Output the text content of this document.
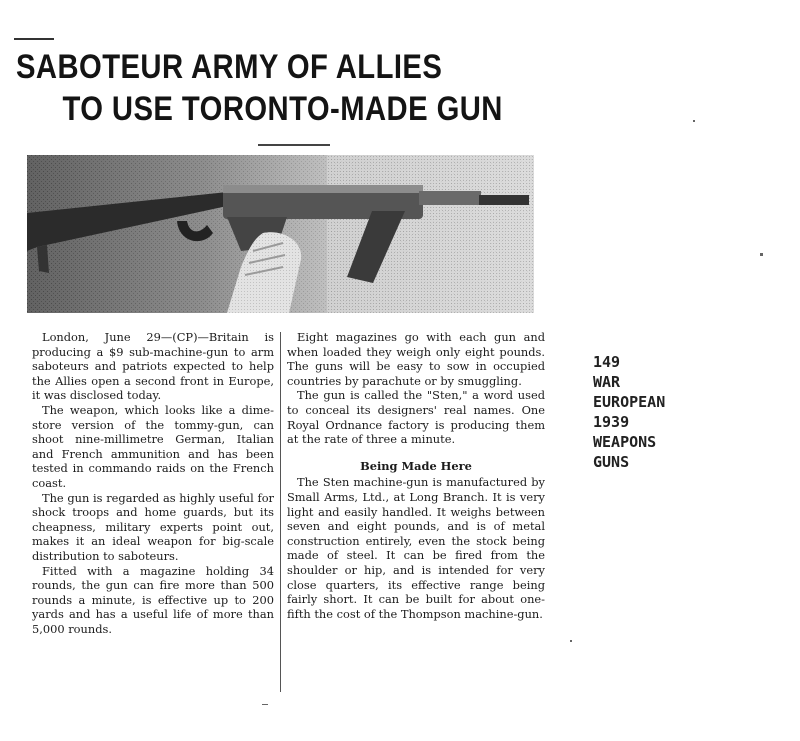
SABOTEUR ARMY OF ALLIES
TO USE TORONTO-MADE GUN

London, June 29—(CP)—Britain is producing a $9 sub-machine-gun to arm saboteurs and patriots expected to help the Allies open a second front in Europe, it was disclosed today.

The weapon, which looks like a dime-store version of the tommy-gun, can shoot nine-millimetre German, Italian and French ammunition and has been tested in commando raids on the French coast.

The gun is regarded as highly useful for shock troops and home guards, but its cheapness, military experts point out, makes it an ideal weapon for big-scale distribution to saboteurs.

Fitted with a magazine holding 34 rounds, the gun can fire more than 500 rounds a minute, is effective up to 200 yards and has a useful life of more than 5,000 rounds.

Eight magazines go with each gun and when loaded they weigh only eight pounds. The guns will be easy to sow in occupied countries by parachute or by smuggling.

The gun is called the "Sten," a word used to conceal its designers' real names. One Royal Ordnance factory is producing them at the rate of three a minute.

Being Made Here

The Sten machine-gun is manufactured by Small Arms, Ltd., at Long Branch. It is very light and easily handled. It weighs between seven and eight pounds, and is of metal construction entirely, even the stock being made of steel. It can be fired from the shoulder or hip, and is intended for very close quarters, its effective range being fairly short. It can be built for about one-fifth the cost of the Thompson machine-gun.

149
WAR
EUROPEAN
1939
WEAPONS
GUNS
